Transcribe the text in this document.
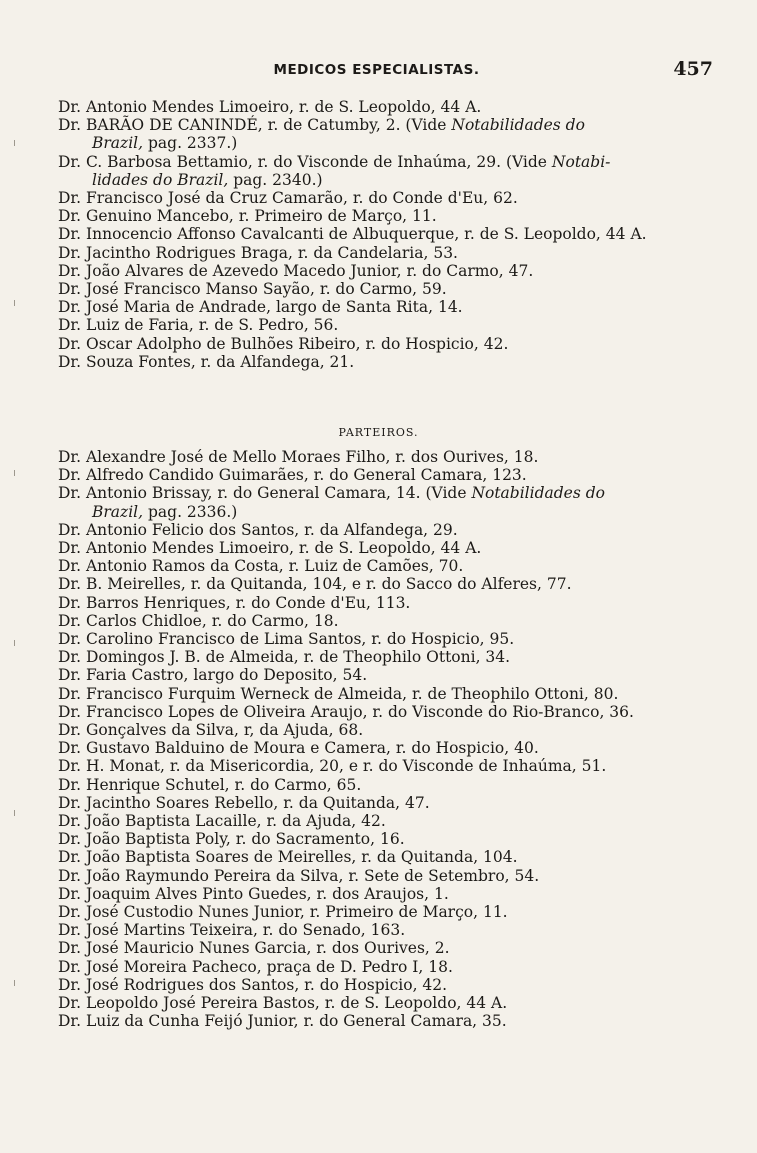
MEDICOS ESPECIALISTAS.	457

Dr. Antonio Mendes Limoeiro, r. de S. Leopoldo, 44 A.

Dr. BARÃO DE CANINDÉ, r. de Catumby, 2. (Vide Notabilidades do
Brazil, pag. 2337.)

Dr. C. Barbosa Bettamio, r. do Visconde de Inhaúma, 29. (Vide Notabi-
lidades do Brazil, pag. 2340.)

Dr. Francisco José da Cruz Camarão, r. do Conde d'Eu, 62.

Dr. Genuino Mancebo, r. Primeiro de Março, 11.

Dr. Innocencio Affonso Cavalcanti de Albuquerque, r. de S. Leopoldo, 44 A.

Dr. Jacintho Rodrigues Braga, r. da Candelaria, 53.

Dr. João Alvares de Azevedo Macedo Junior, r. do Carmo, 47.

Dr. José Francisco Manso Sayão, r. do Carmo, 59.

Dr. José Maria de Andrade, largo de Santa Rita, 14.

Dr. Luiz de Faria, r. de S. Pedro, 56.

Dr. Oscar Adolpho de Bulhões Ribeiro, r. do Hospicio, 42.

Dr. Souza Fontes, r. da Alfandega, 21.

PARTEIROS.

Dr. Alexandre José de Mello Moraes Filho, r. dos Ourives, 18.

Dr. Alfredo Candido Guimarães, r. do General Camara, 123.

Dr. Antonio Brissay, r. do General Camara, 14. (Vide Notabilidades do
Brazil, pag. 2336.)

Dr. Antonio Felicio dos Santos, r. da Alfandega, 29.

Dr. Antonio Mendes Limoeiro, r. de S. Leopoldo, 44 A.

Dr. Antonio Ramos da Costa, r. Luiz de Camões, 70.

Dr. B. Meirelles, r. da Quitanda, 104, e r. do Sacco do Alferes, 77.

Dr. Barros Henriques, r. do Conde d'Eu, 113.

Dr. Carlos Chidloe, r. do Carmo, 18.

Dr. Carolino Francisco de Lima Santos, r. do Hospicio, 95.

Dr. Domingos J. B. de Almeida, r. de Theophilo Ottoni, 34.

Dr. Faria Castro, largo do Deposito, 54.

Dr. Francisco Furquim Werneck de Almeida, r. de Theophilo Ottoni, 80.

Dr. Francisco Lopes de Oliveira Araujo, r. do Visconde do Rio-Branco, 36.

Dr. Gonçalves da Silva, r, da Ajuda, 68.

Dr. Gustavo Balduino de Moura e Camera, r. do Hospicio, 40.

Dr. H. Monat, r. da Misericordia, 20, e r. do Visconde de Inhaúma, 51.

Dr. Henrique Schutel, r. do Carmo, 65.

Dr. Jacintho Soares Rebello, r. da Quitanda, 47.

Dr. João Baptista Lacaille, r. da Ajuda, 42.

Dr. João Baptista Poly, r. do Sacramento, 16.

Dr. João Baptista Soares de Meirelles, r. da Quitanda, 104.

Dr. João Raymundo Pereira da Silva, r. Sete de Setembro, 54.

Dr. Joaquim Alves Pinto Guedes, r. dos Araujos, 1.

Dr. José Custodio Nunes Junior, r. Primeiro de Março, 11.

Dr. José Martins Teixeira, r. do Senado, 163.

Dr. José Mauricio Nunes Garcia, r. dos Ourives, 2.

Dr. José Moreira Pacheco, praça de D. Pedro I, 18.

Dr. José Rodrigues dos Santos, r. do Hospicio, 42.

Dr. Leopoldo José Pereira Bastos, r. de S. Leopoldo, 44 A.

Dr. Luiz da Cunha Feijó Junior, r. do General Camara, 35.
